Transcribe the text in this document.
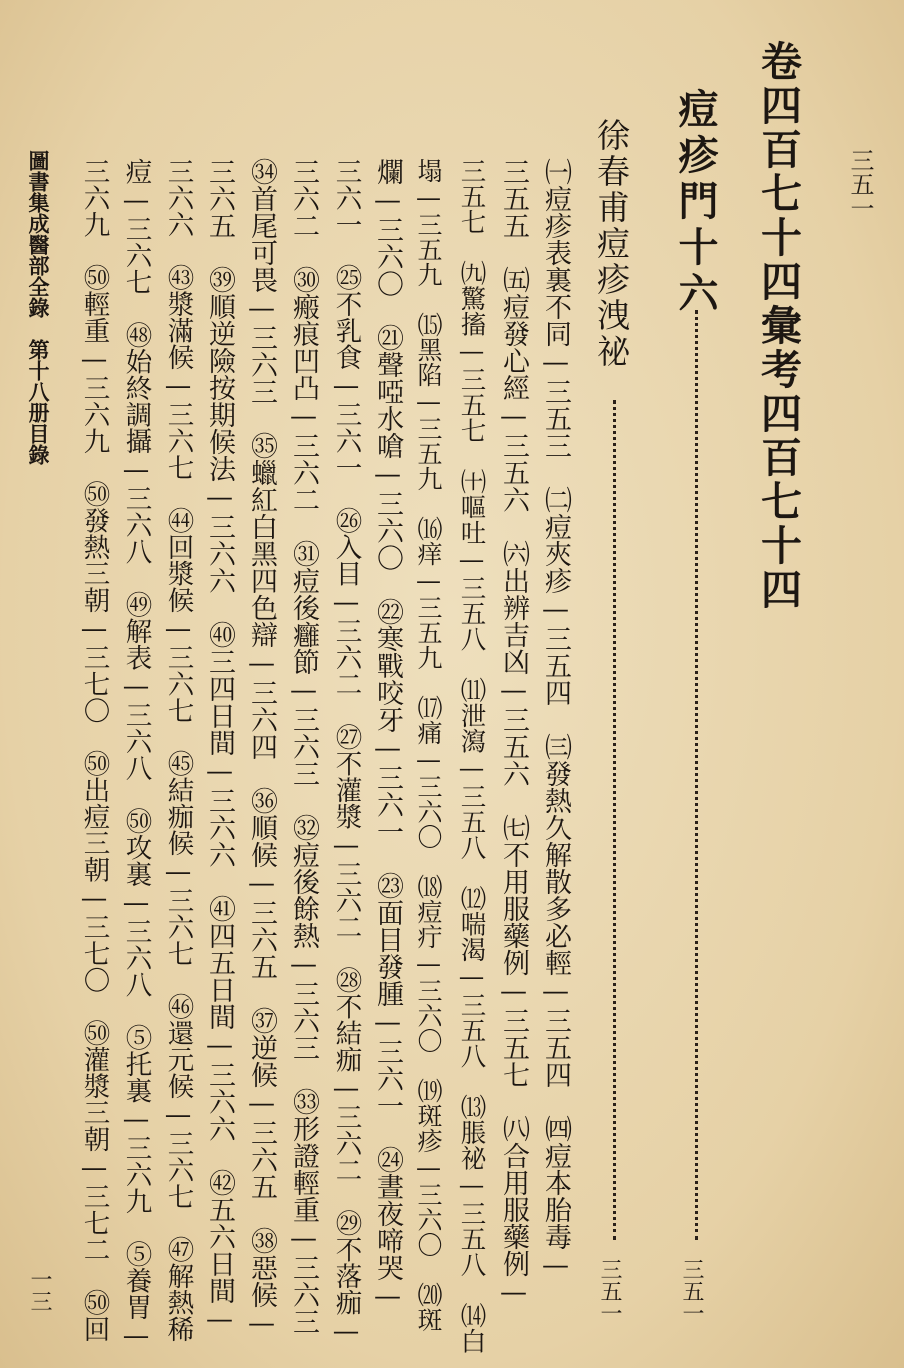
三五一
卷四百七十四彙考四百七十四
痘疹門十六
三五一
徐春甫痘疹洩祕
三五一
㈠痘疹表裏不同—三五三　㈡痘夾疹—三五四　㈢發熱久解散多必輕—三五四　㈣痘本胎毒—
三五五　㈤痘發心經—三五六　㈥出辨吉凶—三五六　㈦不用服藥例—三五七　㈧合用服藥例—
三五七　㈨驚搐—三五七　㈩嘔吐—三五八　⑾泄瀉—三五八　⑿喘渴—三五八　⒀脹祕—三五八　⒁白
塌—三五九　⒂黑陷—三五九　⒃痒—三五九　⒄痛—三六〇　⒅痘疔—三六〇　⒆斑疹—三六〇　⒇斑
爛—三六〇　㉑聲啞水嗆—三六〇　㉒寒戰咬牙—三六一　㉓面目發腫—三六一　㉔晝夜啼哭—
三六一　㉕不乳食—三六一　㉖入目—三六二　㉗不灌漿—三六二　㉘不結痂—三六二　㉙不落痂—
三六二　㉚瘢痕凹凸—三六二　㉛痘後癰節—三六三　㉜痘後餘熱—三六三　㉝形證輕重—三六三
㉞首尾可畏—三六三　㉟蠟紅白黑四色辯—三六四　㊱順候—三六五　㊲逆候—三六五　㊳惡候—
三六五　㊴順逆險按期候法—三六六　㊵三四日間—三六六　㊶四五日間—三六六　㊷五六日間—
三六六　㊸漿滿候—三六七　㊹回漿候—三六七　㊺結痂候—三六七　㊻還元候—三六七　㊼解熱稀
痘—三六七　㊽始終調攝—三六八　㊾解表—三六八　㊿攻裏—三六八　⑤托裏—三六九　⑤養胃—
三六九　㊿輕重—三六九　㊿發熱三朝—三七〇　㊿出痘三朝—三七〇　㊿灌漿三朝—三七二　㊿回
圖書集成醫部全錄　第十八册目錄
一三
